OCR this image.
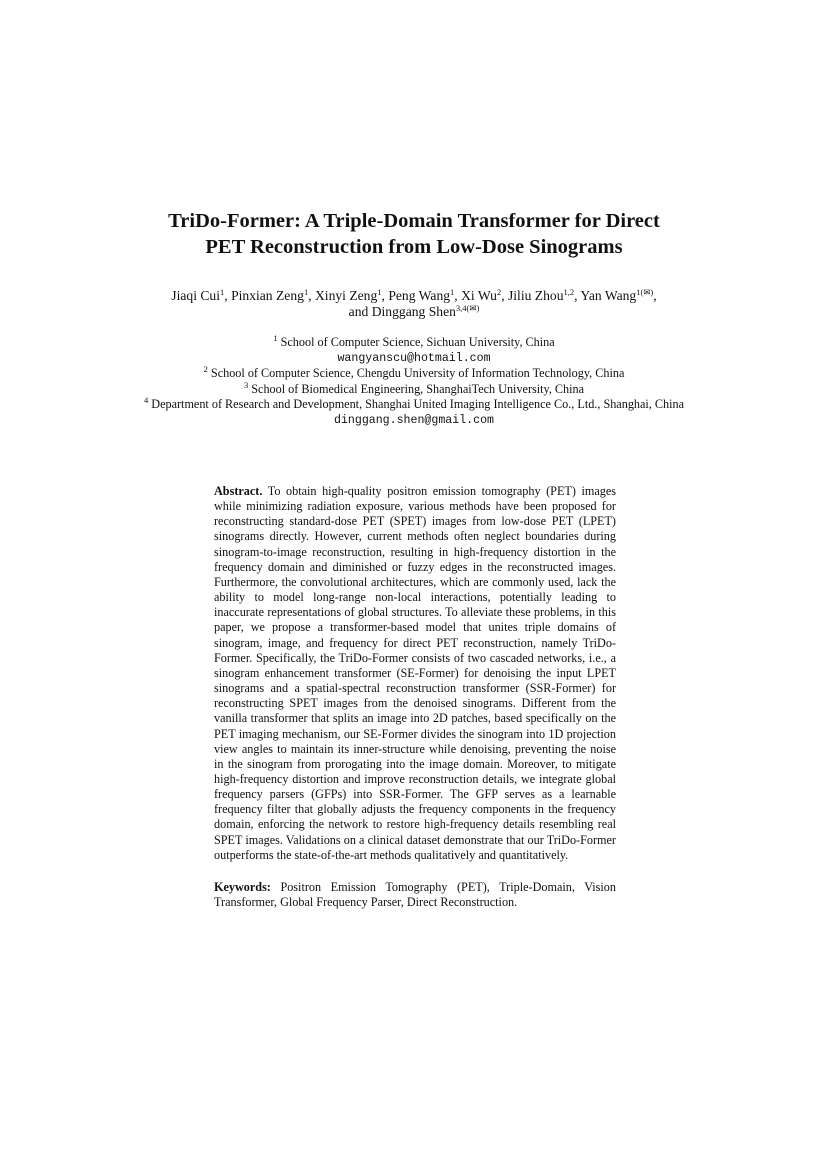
TriDo-Former: A Triple-Domain Transformer for Direct
PET Reconstruction from Low-Dose Sinograms
Jiaqi Cui$^1$, Pinxian Zeng$^1$, Xinyi Zeng$^1$, Peng Wang$^1$, Xi Wu$^2$, Jiliu Zhou$^{1,2}$, Yan Wang$^{1(✉)}$, and Dinggang Shen$^{3,4(✉)}$
$^1$ School of Computer Science, Sichuan University, China
wangyanscu@hotmail.com
$^2$ School of Computer Science, Chengdu University of Information Technology, China
$^3$ School of Biomedical Engineering, ShanghaiTech University, China
$^4$ Department of Research and Development, Shanghai United Imaging Intelligence Co., Ltd., Shanghai, China
dinggang.shen@gmail.com

Abstract. To obtain high-quality positron emission tomography (PET) images while minimizing radiation exposure, various methods have been proposed for reconstructing standard-dose PET (SPET) images from low-dose PET (LPET) sinograms directly. However, current methods often neglect boundaries during sinogram-to-image reconstruction, resulting in high-frequency distortion in the frequency domain and diminished or fuzzy edges in the reconstructed images. Furthermore, the convolutional architectures, which are commonly used, lack the ability to model long-range non-local interactions, potentially leading to inaccurate representations of global structures. To alleviate these problems, in this paper, we propose a transformer-based model that unites triple domains of sinogram, image, and frequency for direct PET reconstruction, namely TriDo-Former. Specifically, the TriDo-Former consists of two cascaded networks, i.e., a sinogram enhancement transformer (SE-Former) for denoising the input LPET sinograms and a spatial-spectral reconstruction transformer (SSR-Former) for reconstructing SPET images from the denoised sinograms. Different from the vanilla transformer that splits an image into 2D patches, based specifically on the PET imaging mechanism, our SE-Former divides the sinogram into 1D projection view angles to maintain its inner-structure while denoising, preventing the noise in the sinogram from prorogating into the image domain. Moreover, to mitigate high-frequency distortion and improve reconstruction details, we integrate global frequency parsers (GFPs) into SSR-Former. The GFP serves as a learnable frequency filter that globally adjusts the frequency components in the frequency domain, enforcing the network to restore high-frequency details resembling real SPET images. Validations on a clinical dataset demonstrate that our TriDo-Former outperforms the state-of-the-art methods qualitatively and quantitatively.

Keywords: Positron Emission Tomography (PET), Triple-Domain, Vision Transformer, Global Frequency Parser, Direct Reconstruction.
